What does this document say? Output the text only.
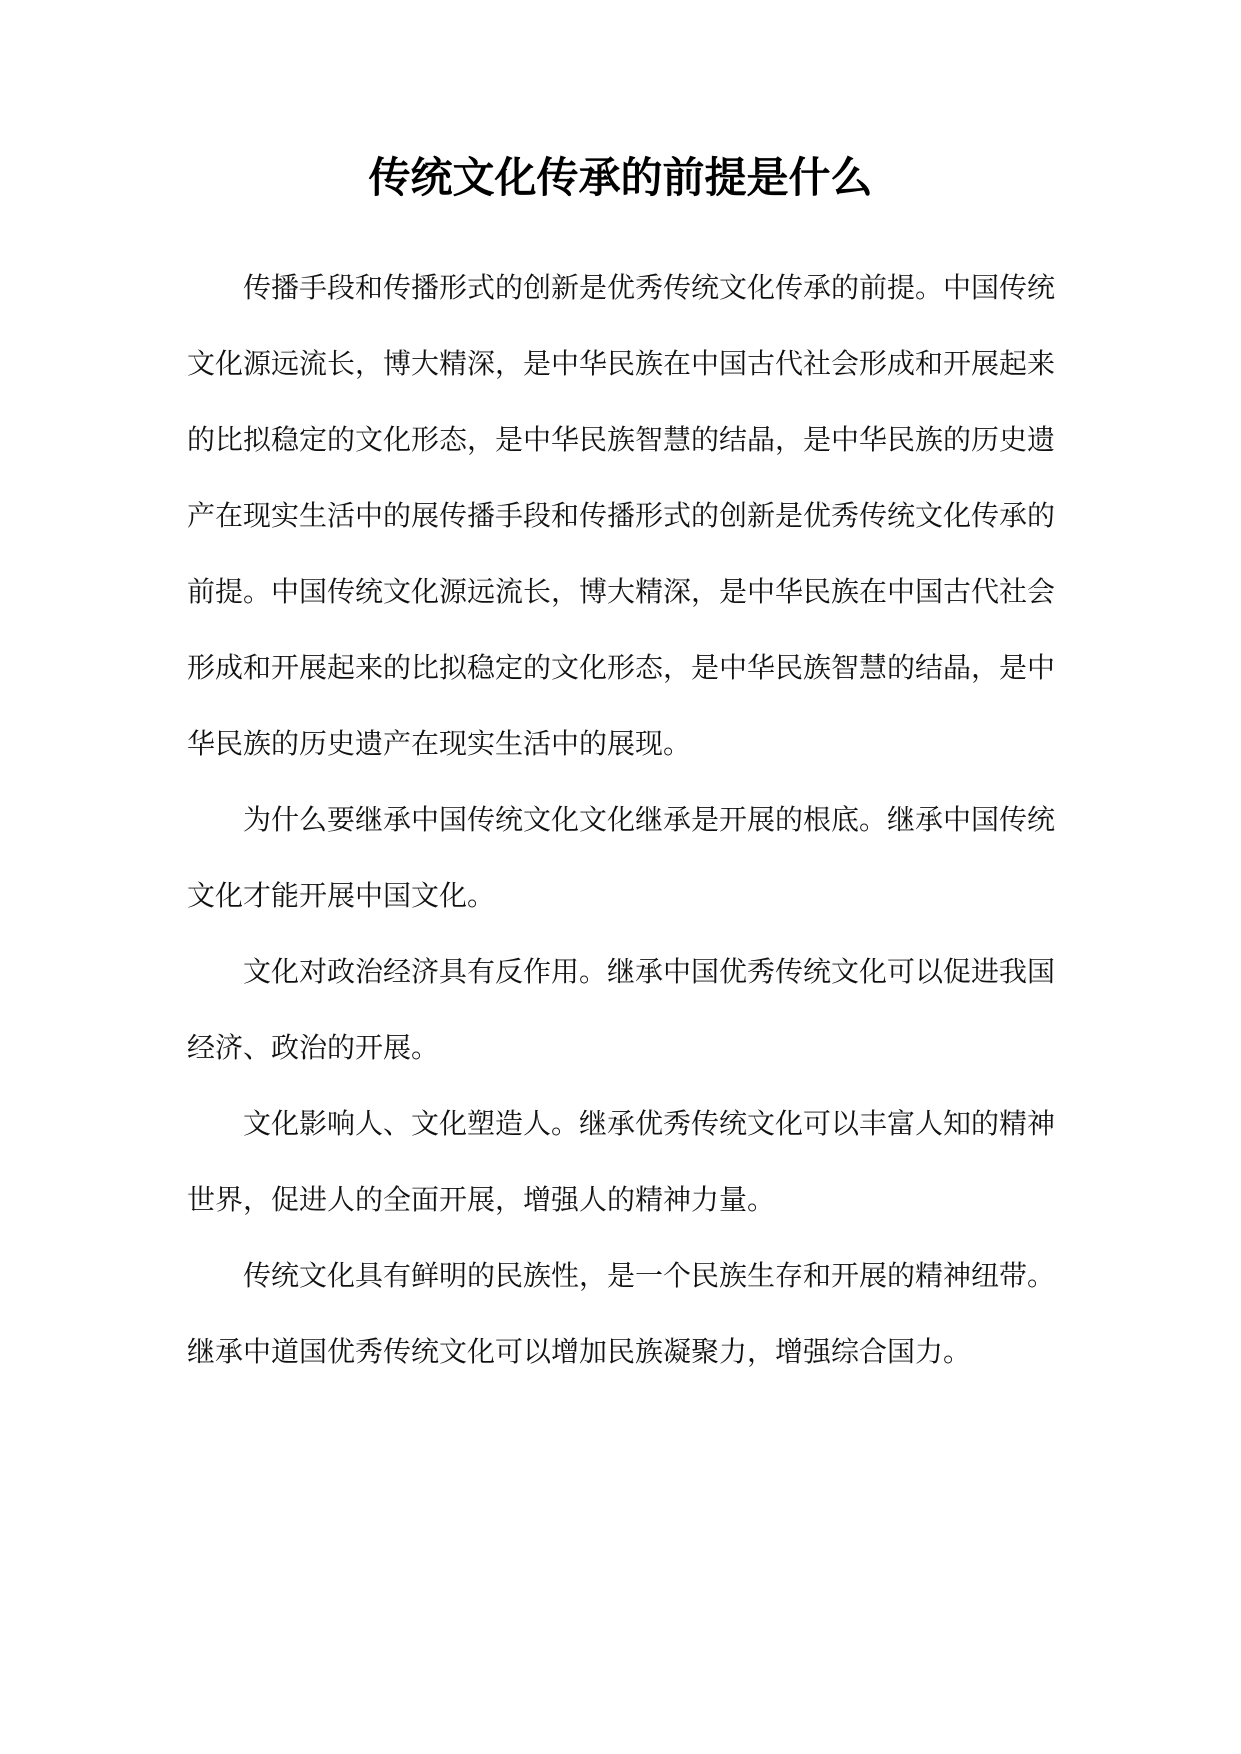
传统文化传承的前提是什么

传播手段和传播形式的创新是优秀传统文化传承的前提。中国传统文化源远流长，博大精深，是中华民族在中国古代社会形成和开展起来的比拟稳定的文化形态，是中华民族智慧的结晶，是中华民族的历史遗产在现实生活中的展传播手段和传播形式的创新是优秀传统文化传承的前提。中国传统文化源远流长，博大精深，是中华民族在中国古代社会形成和开展起来的比拟稳定的文化形态，是中华民族智慧的结晶，是中华民族的历史遗产在现实生活中的展现。

为什么要继承中国传统文化文化继承是开展的根底。继承中国传统文化才能开展中国文化。

文化对政治经济具有反作用。继承中国优秀传统文化可以促进我国经济、政治的开展。

文化影响人、文化塑造人。继承优秀传统文化可以丰富人知的精神世界，促进人的全面开展，增强人的精神力量。

传统文化具有鲜明的民族性，是一个民族生存和开展的精神纽带。继承中道国优秀传统文化可以增加民族凝聚力，增强综合国力。
